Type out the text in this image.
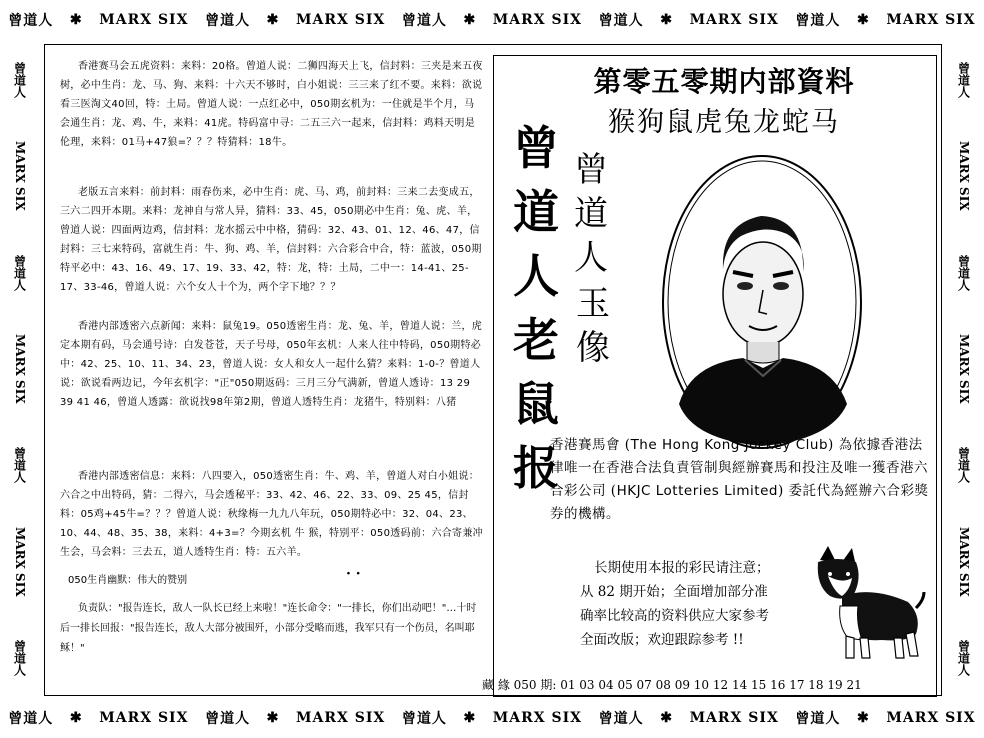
曾道人 ✱ MARX SIX 曾道人 ✱ MARX SIX 曾道人 ✱ MARX SIX 曾道人 ✱ MARX SIX 曾道人 ✱ MARX SIX
曾道人
MARX SIX
曾道人
MARX SIX
曾道人
MARX SIX
曾道人
曾道人
MARX SIX
曾道人
MARX SIX
曾道人
MARX SIX
曾道人
曾道人 ✱ MARX SIX 曾道人 ✱ MARX SIX 曾道人 ✱ MARX SIX 曾道人 ✱ MARX SIX 曾道人 ✱ MARX SIX
香港赛马会五虎资料：来料：20格。曾道人说：二狮四海天上飞，信封料：三夹是来五夜树，必中生肖：龙、马、狗、来料：十六天不够时，白小姐说：三三来了红不要。来料：欲说看三医淘文40回，特：土局。曾道人说：一点红必中，050期玄机为：一住就是半个月，马会通生肖：龙、鸡、牛，来料：41虎。特码富中寻：二五三六一起来，信封料：鸡料天明是伦理，来料：01马+47狼=？？？特猜料：18牛。
老版五言来料：前封料：雨春伤来，必中生肖：虎、马、鸡，前封料：三来二去变成五，三六二四开本期。来料：龙神自与常人异，猜料：33、45，050期必中生肖：兔、虎、羊，曾道人说：四面两边鸡，信封料：龙水摇云中中格，猜码：32、43、01、12、46、47，信封料：三七来特码，富就生肖：牛、狗、鸡、羊，信封料：六合彩合中合，特：蓝波，050期特平必中：43、16、49、17、19、33、42，特：龙，特：土局，二中一：14-41、25-17、33-46，曾道人说：六个女人十个为，两个字下地？？？
香港内部透密六点新闻：来料：鼠兔19。050透密生肖：龙、兔、羊，曾道人说：兰，虎定本期有码，马会通号诗：白发苍苍，天子号母，050年玄机：人来人往中特码，050期特必中：42、25、10、11、34、23，曾道人说：女人和女人一起什么猜？来料：1-0-？曾道人说：欲说看两边记，今年玄机字："正"050期返码：三月三分气满新，曾道人透诗：13 29 39 41 46，曾道人透露：欲说找98年第2期，曾道人透特生肖：龙猪牛，特别料：八猪
香港内部透密信息：来料：八四要入，050透密生肖：牛、鸡、羊，曾道人对白小姐说：六合之中出特码，猜：二得六，马会透秘平：33、42、46、22、33、09、25 45，信封料：05鸡+45牛=？？？曾道人说：秋缘梅一九九八年玩，050期特必中：32、04、23、10、44、48、35、38，来料：4+3=？今期玄机 牛 猴，特别平：050透码前：六合寄兼冲生会，马会料：三去五，道人透特生肖：特：五六羊。
050生肖幽默：伟大的赞别	· ·
负责队："报告连长，敌人一队长已经上来啦！"连长命令："一排长，你们出动吧！"…十时后一排长回报："报告连长，敌人大部分被围歼，小部分受略而逃，我军只有一个伤员，名叫耶稣！"
第零五零期内部資料
猴狗鼠虎兔龙蛇马
曾
道
人
老
鼠
报
曾
道
人
玉
像
香港賽馬會 (The Hong Kong Jockey Club) 為依據香港法律唯一在香港合法負責管制與經辦賽馬和投注及唯一獲香港六合彩公司 (HKJC Lotteries Limited) 委託代為經辦六合彩獎券的機構。
长期使用本报的彩民请注意；
从 82 期开始；全面增加部分准
确率比较高的资料供应大家参考
全面改版；欢迎跟踪参考 !!
藏 緣 050 期: 01 03 04 05 07 08 09 10 12 14 15 16 17 18 19 21
